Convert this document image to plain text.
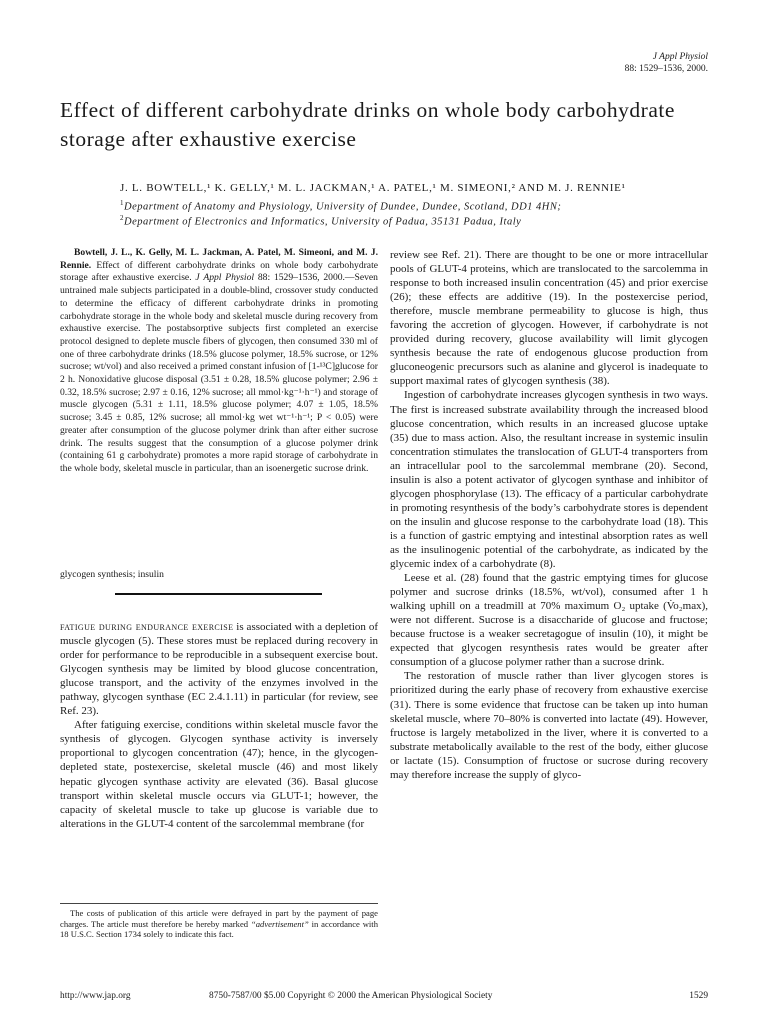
J Appl Physiol
88: 1529–1536, 2000.
Effect of different carbohydrate drinks on whole body carbohydrate storage after exhaustive exercise
J. L. BOWTELL,¹ K. GELLY,¹ M. L. JACKMAN,¹ A. PATEL,¹ M. SIMEONI,² AND M. J. RENNIE¹
$^1$Department of Anatomy and Physiology, University of Dundee, Dundee, Scotland, DD1 4HN;
$^2$Department of Electronics and Informatics, University of Padua, 35131 Padua, Italy
Bowtell, J. L., K. Gelly, M. L. Jackman, A. Patel, M. Simeoni, and M. J. Rennie. Effect of different carbohydrate drinks on whole body carbohydrate storage after exhaustive exercise. J Appl Physiol 88: 1529–1536, 2000.—Seven untrained male subjects participated in a double-blind, crossover study conducted to determine the efficacy of different carbohydrate drinks in promoting carbohydrate storage in the whole body and skeletal muscle during recovery from exhaustive exercise. The postabsorptive subjects first completed an exercise protocol designed to deplete muscle fibers of glycogen, then consumed 330 ml of one of three carbohydrate drinks (18.5% glucose polymer, 18.5% sucrose, or 12% sucrose; wt/vol) and also received a primed constant infusion of [1-¹³C]glucose for 2 h. Nonoxidative glucose disposal (3.51 ± 0.28, 18.5% glucose polymer; 2.96 ± 0.32, 18.5% sucrose; 2.97 ± 0.16, 12% sucrose; all mmol·kg⁻¹·h⁻¹) and storage of muscle glycogen (5.31 ± 1.11, 18.5% glucose polymer; 4.07 ± 1.05, 18.5% sucrose; 3.45 ± 0.85, 12% sucrose; all mmol·kg wet wt⁻¹·h⁻¹; P < 0.05) were greater after consumption of the glucose polymer drink than after either sucrose drink. The results suggest that the consumption of a glucose polymer drink (containing 61 g carbohydrate) promotes a more rapid storage of carbohydrate in the whole body, skeletal muscle in particular, than an isoenergetic sucrose drink.
glycogen synthesis; insulin

fatigue during endurance exercise is associated with a depletion of muscle glycogen (5). These stores must be replaced during recovery in order for performance to be reproducible in a subsequent exercise bout. Glycogen synthesis may be limited by blood glucose concentration, glucose transport, and the activity of the enzymes involved in the pathway, glycogen synthase (EC 2.4.1.11) in particular (for review, see Ref. 23).

After fatiguing exercise, conditions within skeletal muscle favor the synthesis of glycogen. Glycogen synthase activity is inversely proportional to glycogen concentration (47); hence, in the glycogen-depleted state, postexercise, skeletal muscle (46) and most likely hepatic glycogen synthase activity are elevated (36). Basal glucose transport within skeletal muscle occurs via GLUT-1; however, the capacity of skeletal muscle to take up glucose is variable due to alterations in the GLUT-4 content of the sarcolemmal membrane (for

The costs of publication of this article were defrayed in part by the payment of page charges. The article must therefore be hereby marked “advertisement” in accordance with 18 U.S.C. Section 1734 solely to indicate this fact.

review see Ref. 21). There are thought to be one or more intracellular pools of GLUT-4 proteins, which are translocated to the sarcolemma in response to both increased insulin concentration (45) and prior exercise (26); these effects are additive (19). In the postexercise period, therefore, muscle membrane permeability to glucose is high, thus favoring the accretion of glycogen. However, if carbohydrate is not provided during recovery, glucose availability will limit glycogen synthesis because the rate of endogenous glucose production from gluconeogenic precursors such as alanine and glycerol is inadequate to support maximal rates of glycogen synthesis (38).

Ingestion of carbohydrate increases glycogen synthesis in two ways. The first is increased substrate availability through the increased blood glucose concentration, which results in an increased glucose uptake (35) due to mass action. Also, the resultant increase in systemic insulin concentration stimulates the translocation of GLUT-4 transporters from an intracellular pool to the sarcolemmal membrane (20). Second, insulin is also a potent activator of glycogen synthase and inhibitor of glycogen phosphorylase (13). The efficacy of a particular carbohydrate in promoting resynthesis of the body’s carbohydrate stores is dependent on the insulin and glucose response to the carbohydrate load (18). This is a function of gastric emptying and intestinal absorption rates as well as the insulinogenic potential of the carbohydrate, as indicated by the glycemic index of a carbohydrate (8).

Leese et al. (28) found that the gastric emptying times for glucose polymer and sucrose drinks (18.5%, wt/vol), consumed after 1 h walking uphill on a treadmill at 70% maximum O₂ uptake (V̇o₂max), were not different. Sucrose is a disaccharide of glucose and fructose; because fructose is a weaker secretagogue of insulin (10), it might be expected that glycogen resynthesis rates would be greater after consumption of a glucose polymer rather than a sucrose drink.

The restoration of muscle rather than liver glycogen stores is prioritized during the early phase of recovery from exhaustive exercise (31). There is some evidence that fructose can be taken up into human skeletal muscle, where 70–80% is converted into lactate (49). However, fructose is largely metabolized in the liver, where it is converted to a substrate metabolically available to the rest of the body, either glucose or lactate (15). Consumption of fructose or sucrose during recovery may therefore increase the supply of glyco-

http://www.jap.org	8750-7587/00 $5.00 Copyright © 2000 the American Physiological Society	1529
